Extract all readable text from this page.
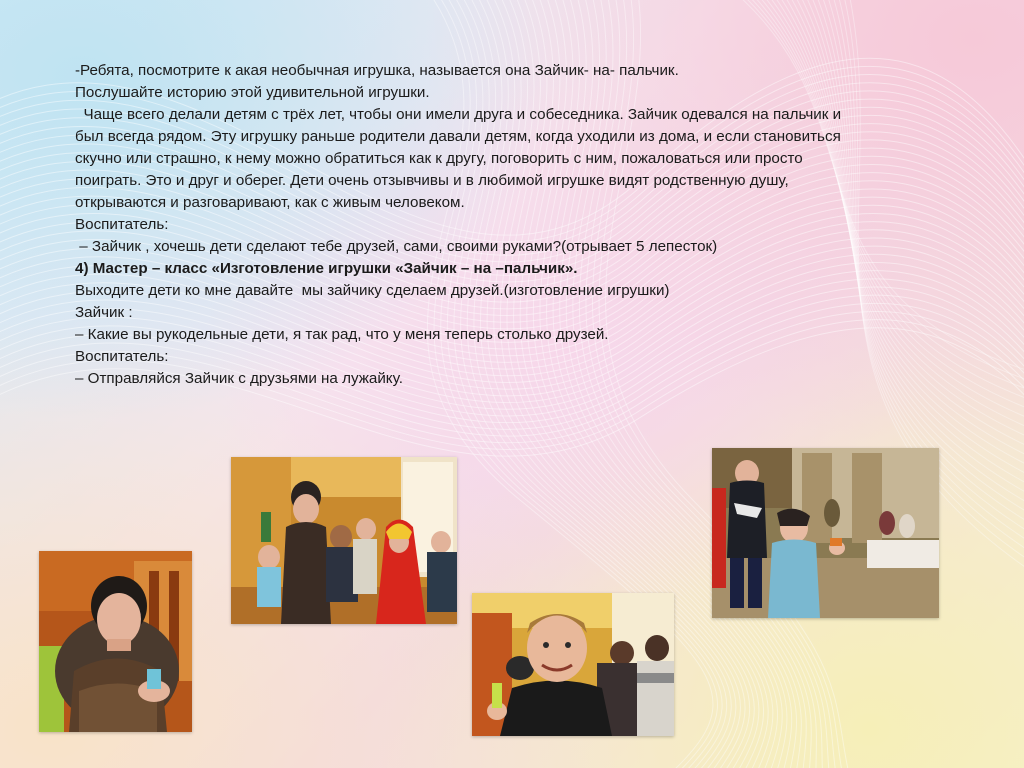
-Ребята, посмотрите к акая необычная игрушка, называется она Зайчик- на- пальчик.

Послушайте историю этой удивительной игрушки.

Чаще всего делали детям с трёх лет, чтобы они имели друга и собеседника. Зайчик одевался на пальчик и был всегда рядом. Эту игрушку раньше родители давали детям, когда уходили из дома, и если становиться скучно или страшно, к нему можно обратиться как к другу, поговорить с ним, пожаловаться или просто поиграть. Это и друг и оберег. Дети очень отзывчивы и в любимой игрушке видят родственную душу, открываются и разговаривают, как с живым человеком.

Воспитатель:

– Зайчик , хочешь дети сделают тебе друзей, сами, своими руками?(отрывает 5 лепесток)

4) Мастер – класс «Изготовление игрушки «Зайчик – на –пальчик».

Выходите дети ко мне давайте  мы зайчику сделаем друзей.(изготовление игрушки)

Зайчик :

– Какие вы рукодельные дети, я так рад, что у меня теперь столько друзей.

Воспитатель:

– Отправляйся Зайчик с друзьями на лужайку.
